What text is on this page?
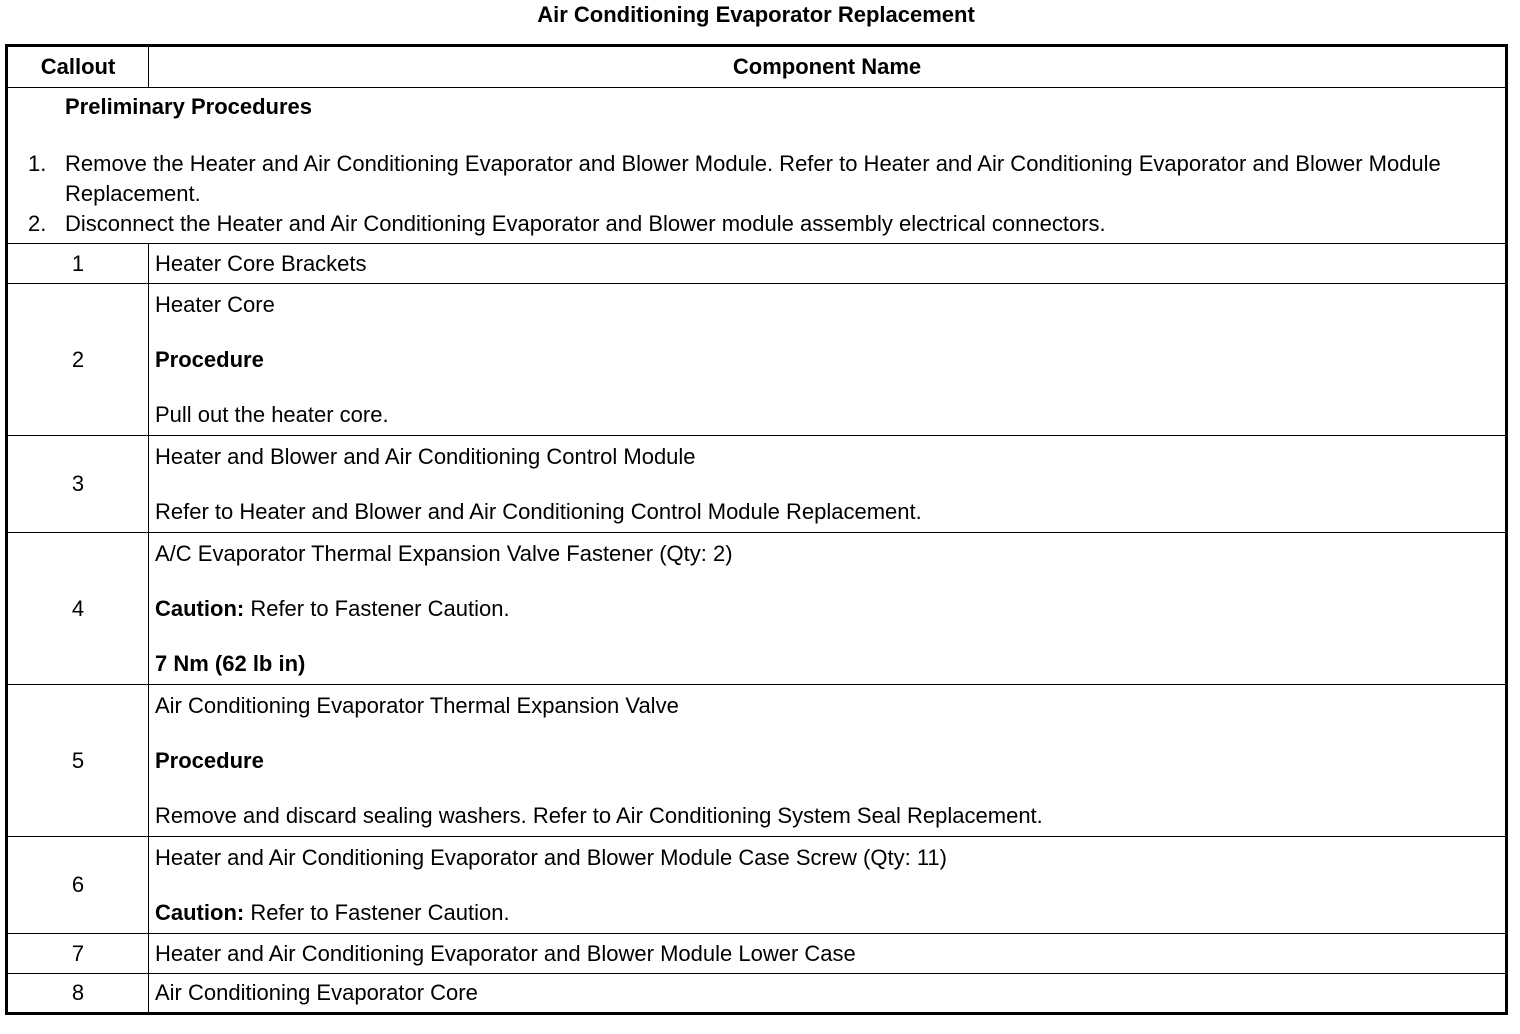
Air Conditioning Evaporator Replacement
Callout	Component Name

Preliminary Procedures
1. Remove the Heater and Air Conditioning Evaporator and Blower Module. Refer to Heater and Air Conditioning Evaporator and Blower Module Replacement.
2. Disconnect the Heater and Air Conditioning Evaporator and Blower module assembly electrical connectors.	

1	Heater Core Brackets
2	Heater Core
Procedure
Pull out the heater core.

3	Heater and Blower and Air Conditioning Control Module
Refer to Heater and Blower and Air Conditioning Control Module Replacement.

4	A/C Evaporator Thermal Expansion Valve Fastener (Qty: 2)
Caution: Refer to Fastener Caution.
7 Nm (62 lb in)

5	Air Conditioning Evaporator Thermal Expansion Valve
Procedure
Remove and discard sealing washers. Refer to Air Conditioning System Seal Replacement.

6	Heater and Air Conditioning Evaporator and Blower Module Case Screw (Qty: 11)
Caution: Refer to Fastener Caution.

7	Heater and Air Conditioning Evaporator and Blower Module Lower Case
8	Air Conditioning Evaporator Core
